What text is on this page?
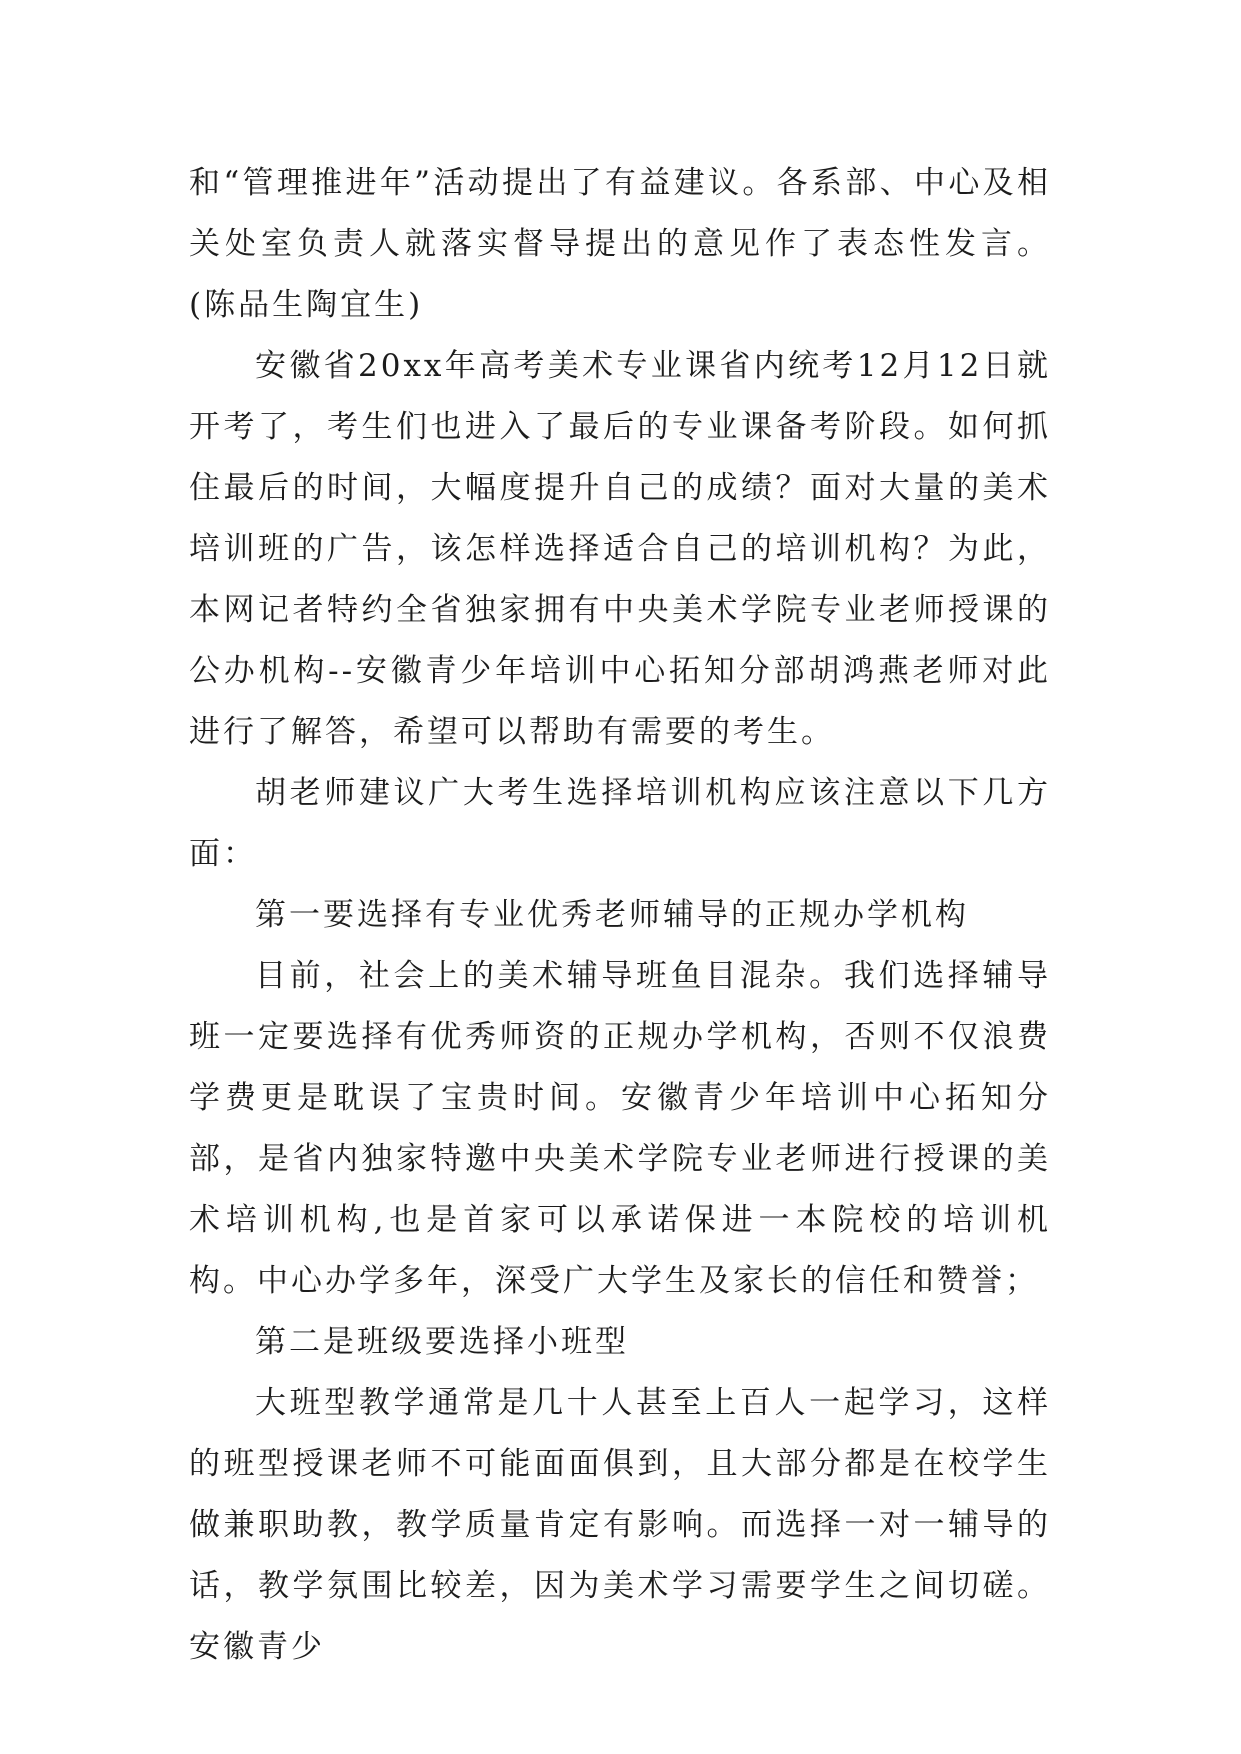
和“管理推进年”活动提出了有益建议。各系部、中心及相关处室负责人就落实督导提出的意见作了表态性发言。(陈品生陶宜生)

安徽省20xx年高考美术专业课省内统考12月12日就开考了，考生们也进入了最后的专业课备考阶段。如何抓住最后的时间，大幅度提升自己的成绩？面对大量的美术培训班的广告，该怎样选择适合自己的培训机构？为此，本网记者特约全省独家拥有中央美术学院专业老师授课的公办机构--安徽青少年培训中心拓知分部胡鸿燕老师对此进行了解答，希望可以帮助有需要的考生。

胡老师建议广大考生选择培训机构应该注意以下几方面：

第一要选择有专业优秀老师辅导的正规办学机构

目前，社会上的美术辅导班鱼目混杂。我们选择辅导班一定要选择有优秀师资的正规办学机构，否则不仅浪费学费更是耽误了宝贵时间。安徽青少年培训中心拓知分部，是省内独家特邀中央美术学院专业老师进行授课的美术培训机构,也是首家可以承诺保进一本院校的培训机构。中心办学多年，深受广大学生及家长的信任和赞誉；

第二是班级要选择小班型

大班型教学通常是几十人甚至上百人一起学习，这样的班型授课老师不可能面面俱到，且大部分都是在校学生做兼职助教，教学质量肯定有影响。而选择一对一辅导的话，教学氛围比较差，因为美术学习需要学生之间切磋。安徽青少
